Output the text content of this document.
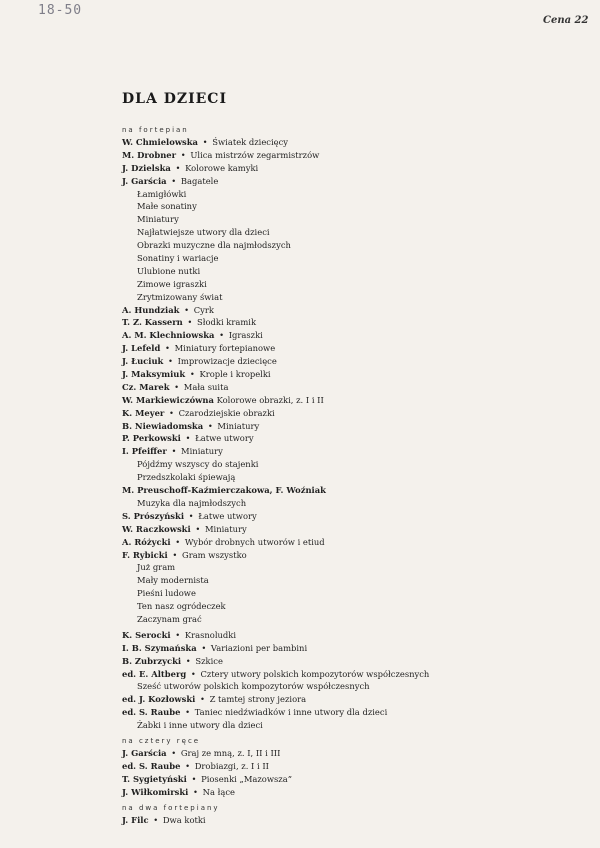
18-50
Cena 22
DLA DZIECI
na fortepian
W. Chmielowska • Światek dziecięcy
M. Drobner • Ulica mistrzów zegarmistrzów
J. Dzielska • Kolorowe kamyki
J. Garścia • Bagatele
Łamigłówki
Małe sonatiny
Miniatury
Najłatwiejsze utwory dla dzieci
Obrazki muzyczne dla najmłodszych
Sonatiny i wariacje
Ulubione nutki
Zimowe igraszki
Zrytmizowany świat
A. Hundziak • Cyrk
T. Z. Kassern • Słodki kramik
A. M. Klechniowska • Igraszki
J. Lefeld • Miniatury fortepianowe
J. Łuciuk • Improwizacje dziecięce
J. Maksymiuk • Krople i kropelki
Cz. Marek • Mała suita
W. Markiewiczówna Kolorowe obrazki, z. I i II
K. Meyer • Czarodziejskie obrazki
B. Niewiadomska • Miniatury
P. Perkowski • Łatwe utwory
I. Pfeiffer • Miniatury
Pójdźmy wszyscy do stajenki
Przedszkolaki śpiewają
M. Preuschoff-Kaźmierczakowa, F. Woźniak
Muzyka dla najmłodszych
S. Prószyński • Łatwe utwory
W. Raczkowski • Miniatury
A. Różycki • Wybór drobnych utworów i etiud
F. Rybicki • Gram wszystko
Już gram
Mały modernista
Pieśni ludowe
Ten nasz ogródeczek
Zaczynam grać
K. Serocki • Krasnoludki
I. B. Szymańska • Variazioni per bambini
B. Zubrzycki • Szkice
ed. E. Altberg • Cztery utwory polskich kompozytorów współczesnych
Sześć utworów polskich kompozytorów współczesnych
ed. J. Kozłowski • Z tamtej strony jeziora
ed. S. Raube • Taniec niedźwiadków i inne utwory dla dzieci
Żabki i inne utwory dla dzieci
na cztery ręce
J. Garścia • Graj ze mną, z. I, II i III
ed. S. Raube • Drobiazgi, z. I i II
T. Sygietyński • Piosenki „Mazowsza”
J. Wiłkomirski • Na łące
na dwa fortepiany
J. Filc • Dwa kotki
